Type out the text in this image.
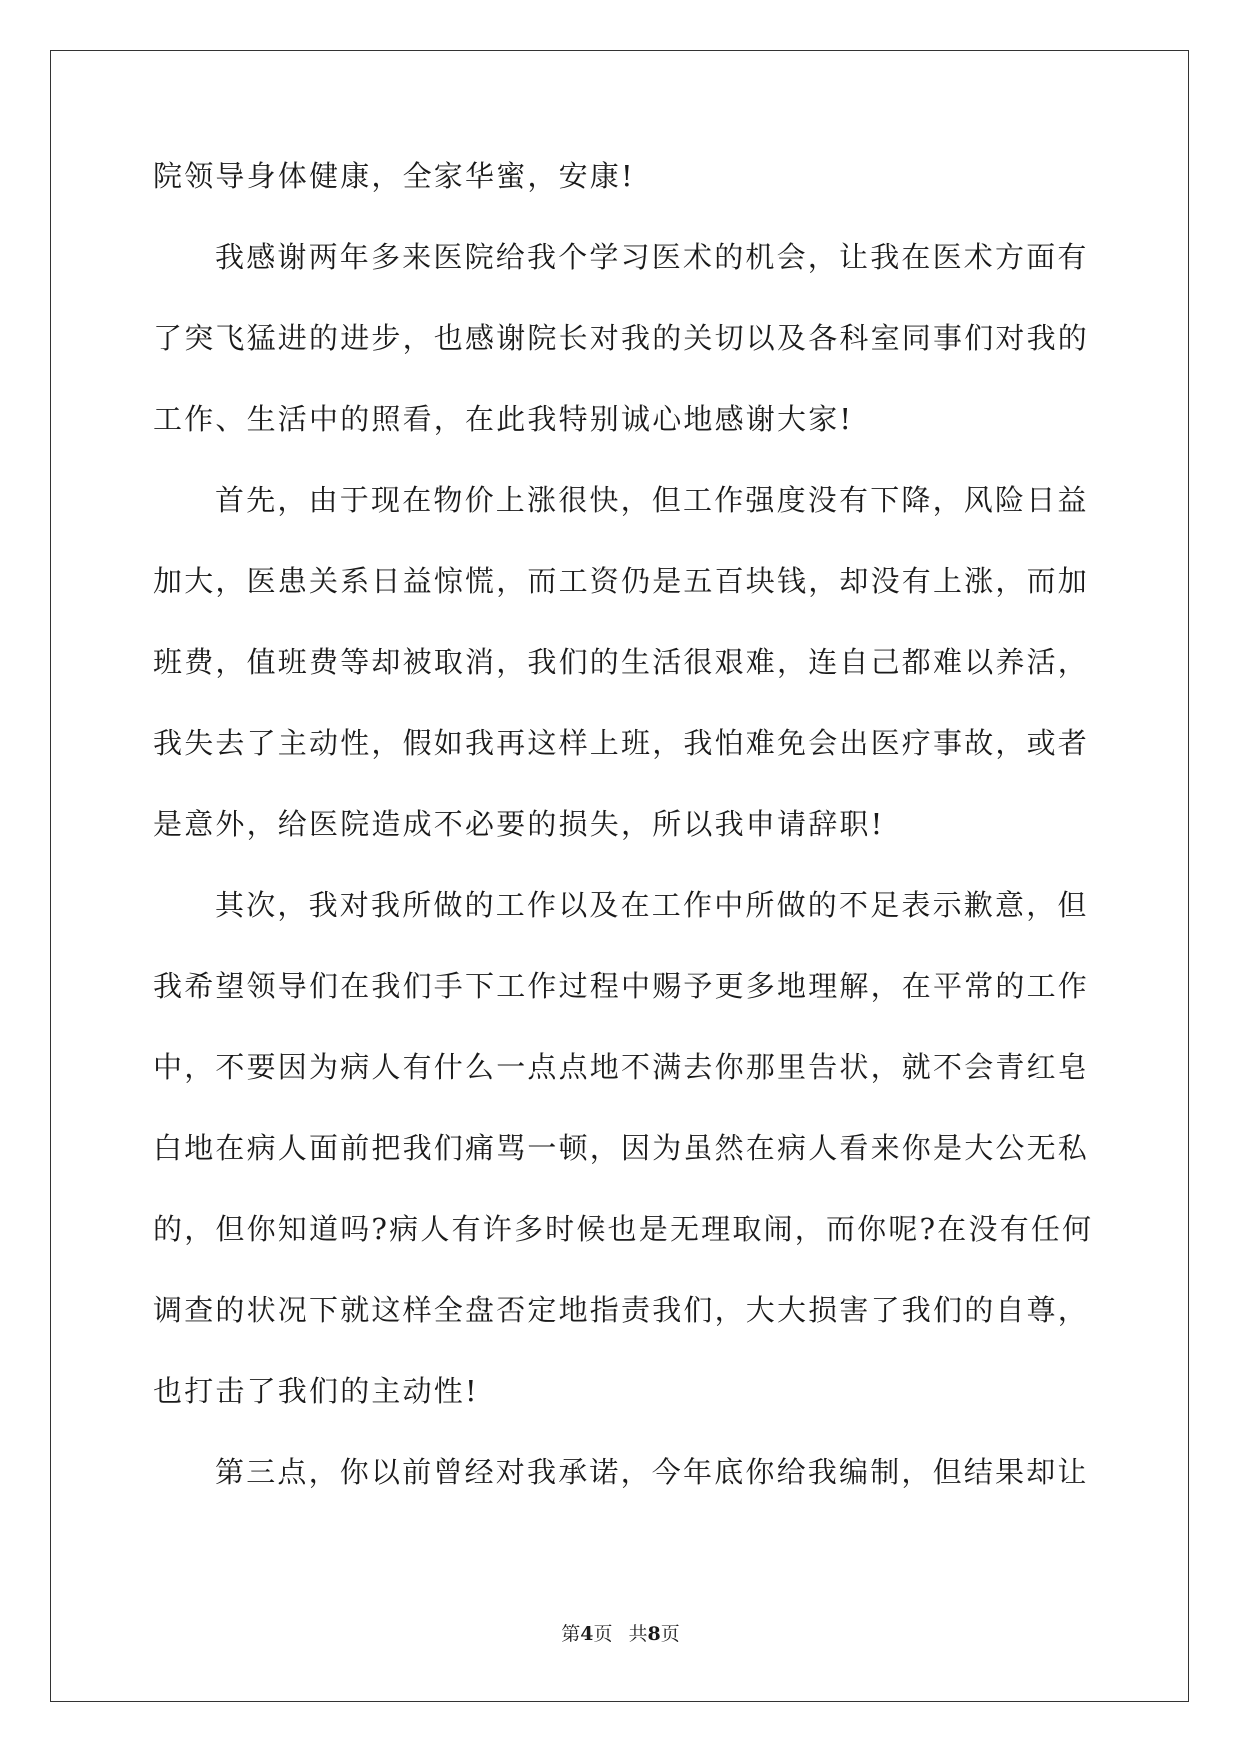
院领导身体健康，全家华蜜，安康!
我感谢两年多来医院给我个学习医术的机会，让我在医术方面有
了突飞猛进的进步，也感谢院长对我的关切以及各科室同事们对我的
工作、生活中的照看，在此我特别诚心地感谢大家!
首先，由于现在物价上涨很快，但工作强度没有下降，风险日益
加大，医患关系日益惊慌，而工资仍是五百块钱，却没有上涨，而加
班费，值班费等却被取消，我们的生活很艰难，连自己都难以养活，
我失去了主动性，假如我再这样上班，我怕难免会出医疗事故，或者
是意外，给医院造成不必要的损失，所以我申请辞职!
其次，我对我所做的工作以及在工作中所做的不足表示歉意，但
我希望领导们在我们手下工作过程中赐予更多地理解，在平常的工作
中，不要因为病人有什么一点点地不满去你那里告状，就不会青红皂
白地在病人面前把我们痛骂一顿，因为虽然在病人看来你是大公无私
的，但你知道吗?病人有许多时候也是无理取闹，而你呢?在没有任何
调查的状况下就这样全盘否定地指责我们，大大损害了我们的自尊，
也打击了我们的主动性!
第三点，你以前曾经对我承诺，今年底你给我编制，但结果却让
第4页 共8页
